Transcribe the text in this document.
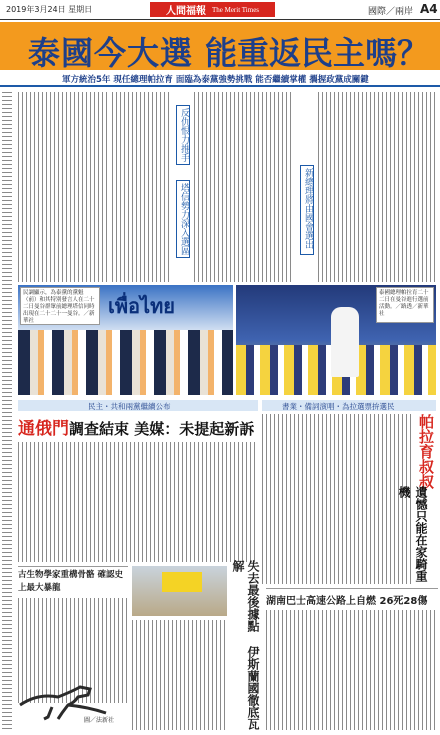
2019年3月24日 星期日	人間福報 The Merit Times	國際／兩岸 A4
泰國今大選 能重返民主嗎？
軍方統治5年 現任總理帕拉育 面臨為泰黨強勢挑戰 能否繼續掌權 攜握政黨成關鍵
反仇恨力推手
塔信勢力深入選區	新總理將由國會選出
เพื่อไทย
民調顯示，為泰黨的黨魁（前）和其特別發言人在二十二日曼谷群眾前總理塔信同時出現在二十二十一曼谷。／新華社
泰國總理帕拉育二十二日在曼谷進行選前活動。／路透／新華社
民主・共和兩黨繼續公布	書業・備詞演唱・為拉選票拚選民
通俄門調查結束 美媒：未提起新訴	帕拉育叔叔
遺憾只能在家騎重機
古生物學家重構骨骼 確認史上最大暴龍
圖／法新社	失去最後據點 伊斯蘭國徹底瓦解
湖南巴士高速公路上自燃 26死28傷
